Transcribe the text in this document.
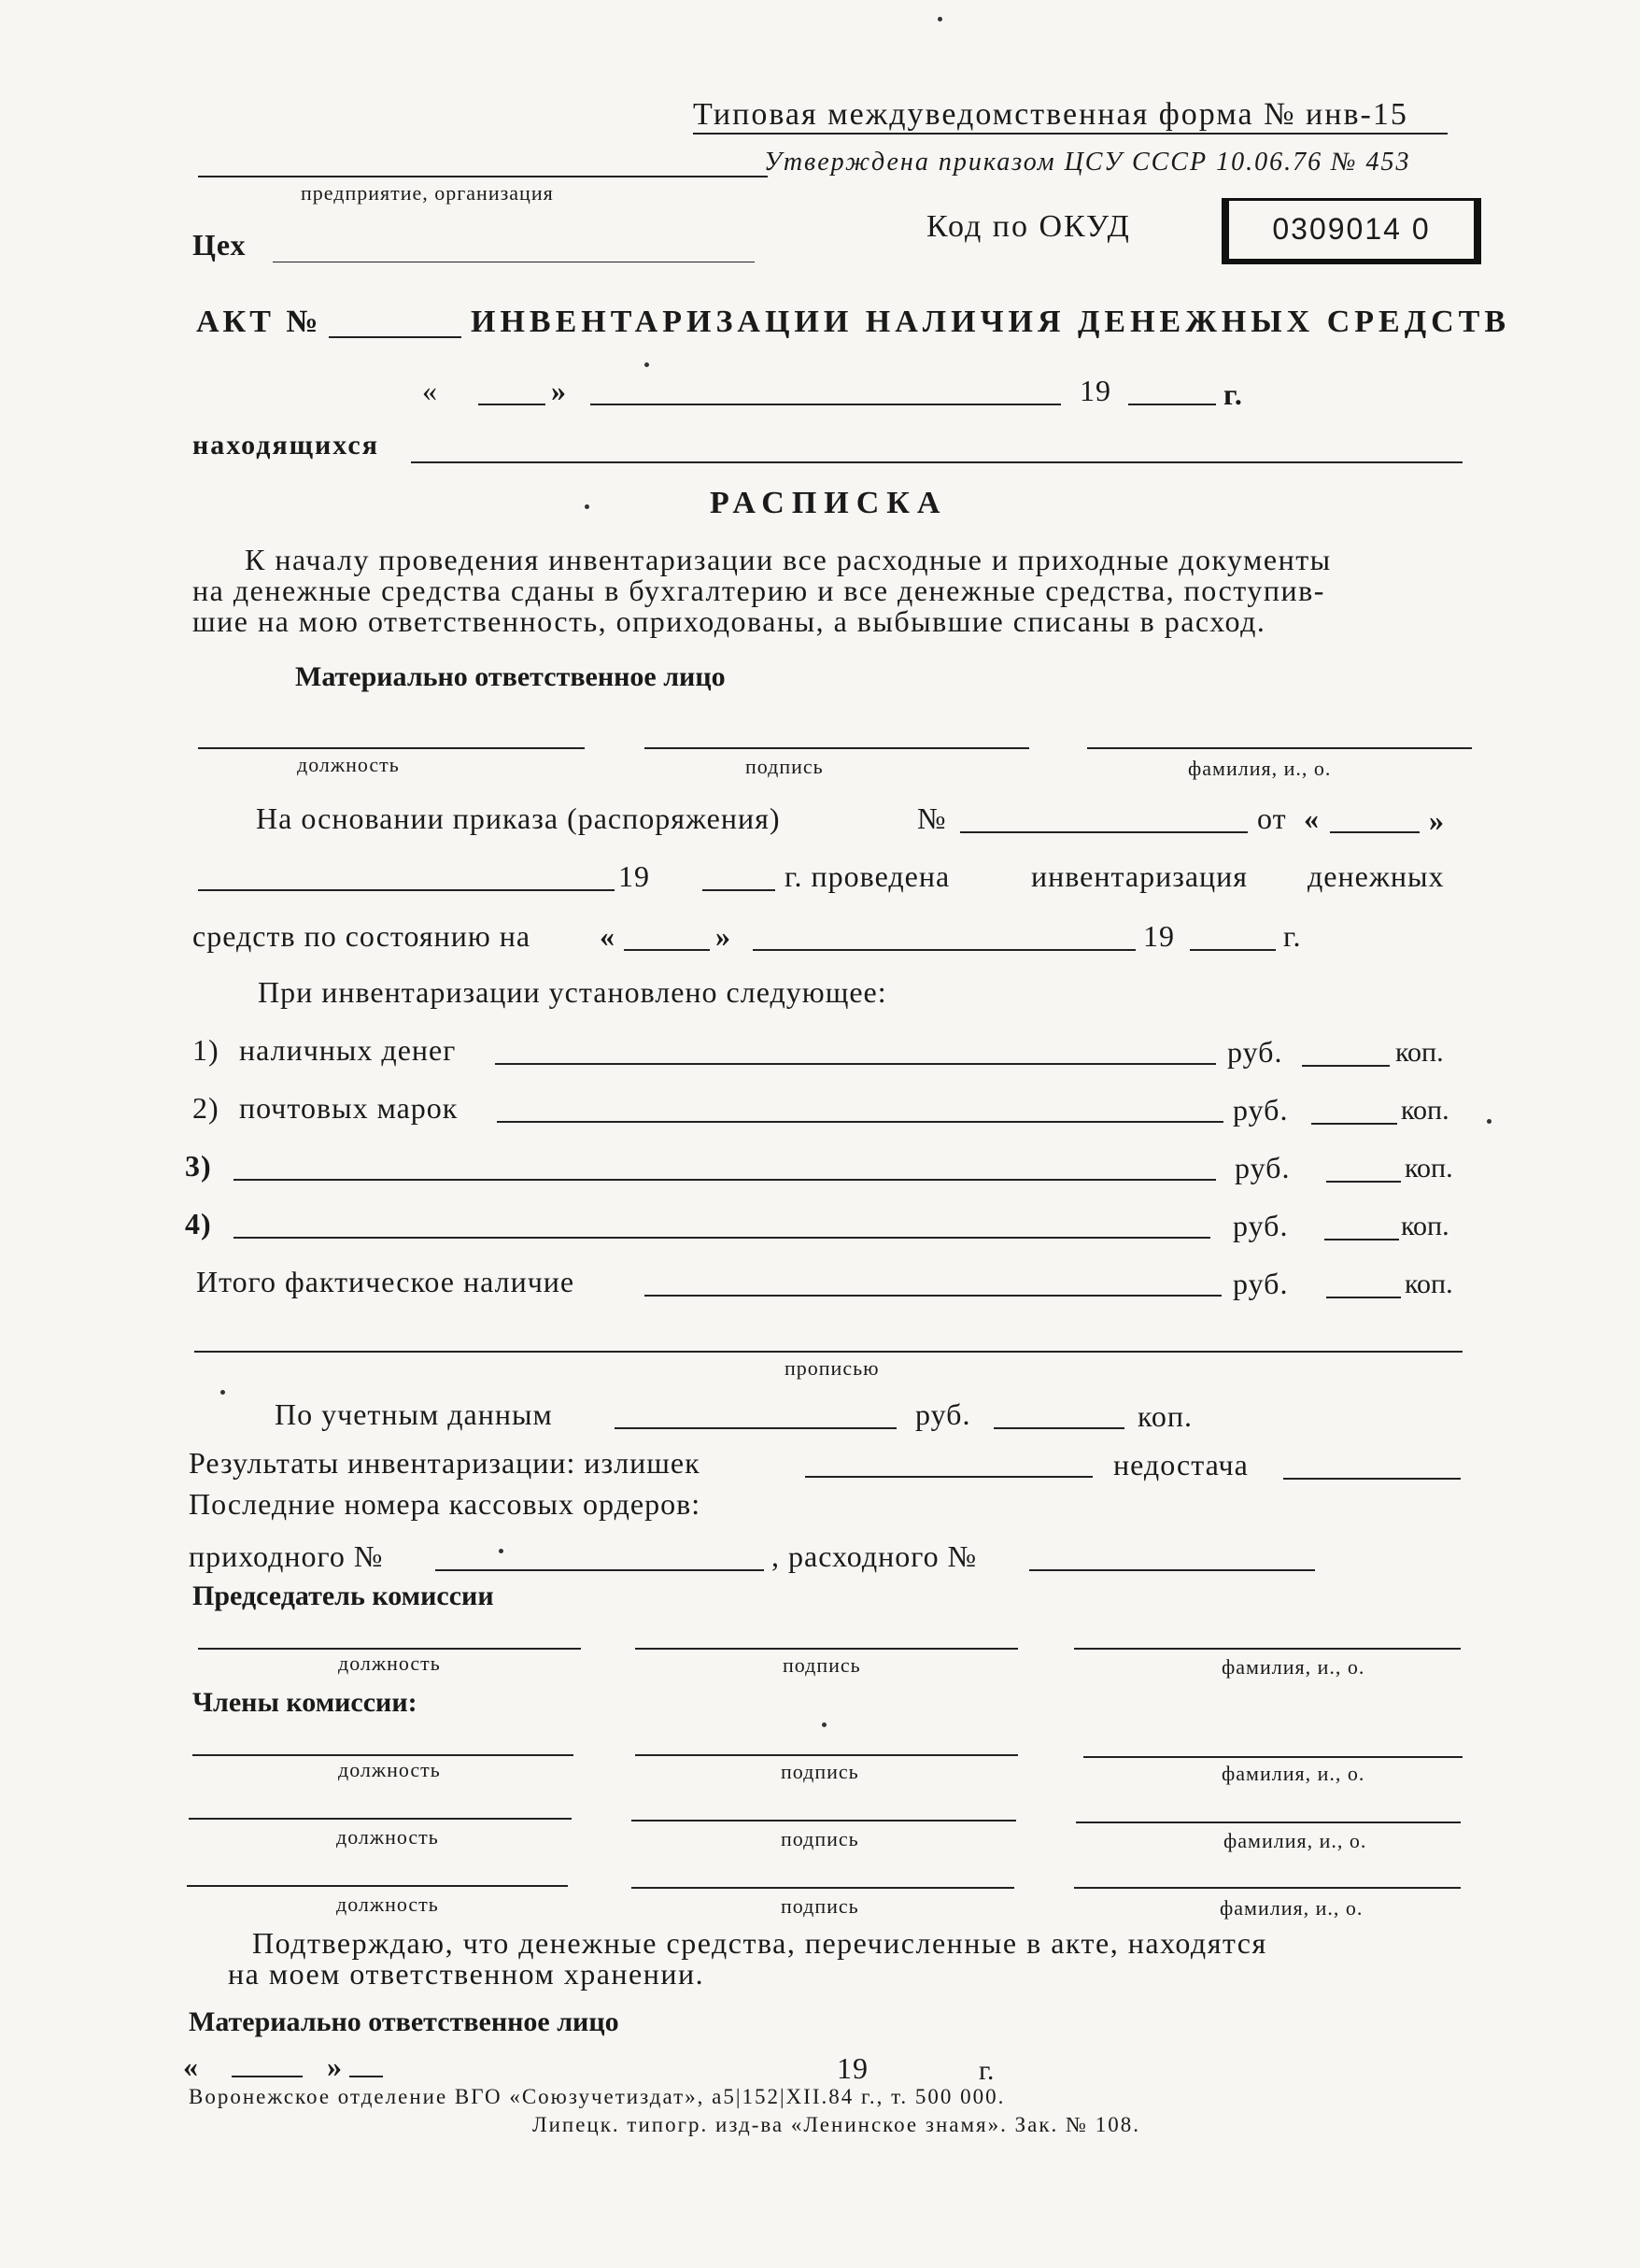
Типовая междуведомственная форма № инв-15
Утверждена приказом ЦСУ СССР 10.06.76 № 453
предприятие, организация
Код по ОКУД	0309014 0
Цех
АКТ №	ИНВЕНТАРИЗАЦИИ НАЛИЧИЯ ДЕНЕЖНЫХ СРЕДСТВ
«	»	19	г.
находящихся
РАСПИСКА
К началу проведения инвентаризации все расходные и приходные документы
на денежные средства сданы в бухгалтерию и все денежные средства, поступив-
шие на мою ответственность, оприходованы, а выбывшие списаны в расход.
Материально ответственное лицо
должность	подпись	фамилия, и., о.
На основании приказа (распоряжения)	№	от «	»
19	г. проведена	инвентаризация денежных
средств по состоянию на «	»	19	г.
При инвентаризации установлено следующее:
1) наличных денег	руб.	коп.
2) почтовых марок	руб.	коп.
3)	руб.	коп.
4)	руб.	коп.
Итого фактическое наличие	руб.	коп.
прописью
По учетным данным	руб.	коп.
Результаты инвентаризации: излишек	недостача
Последние номера кассовых ордеров:
приходного №	, расходного №
Председатель комиссии
должность	подпись	фамилия, и., о.
Члены комиссии:
должность	подпись	фамилия, и., о.
должность	подпись	фамилия, и., о.
должность	подпись	фамилия, и., о.
Подтверждаю, что денежные средства, перечисленные в акте, находятся
на моем ответственном хранении.
Материально ответственное лицо
«	»	19	г.
Воронежское отделение ВГО «Союзучетиздат», а5|152|XII.84 г., т. 500 000.
Липецк. типогр. изд-ва «Ленинское знамя». Зак. № 108.
